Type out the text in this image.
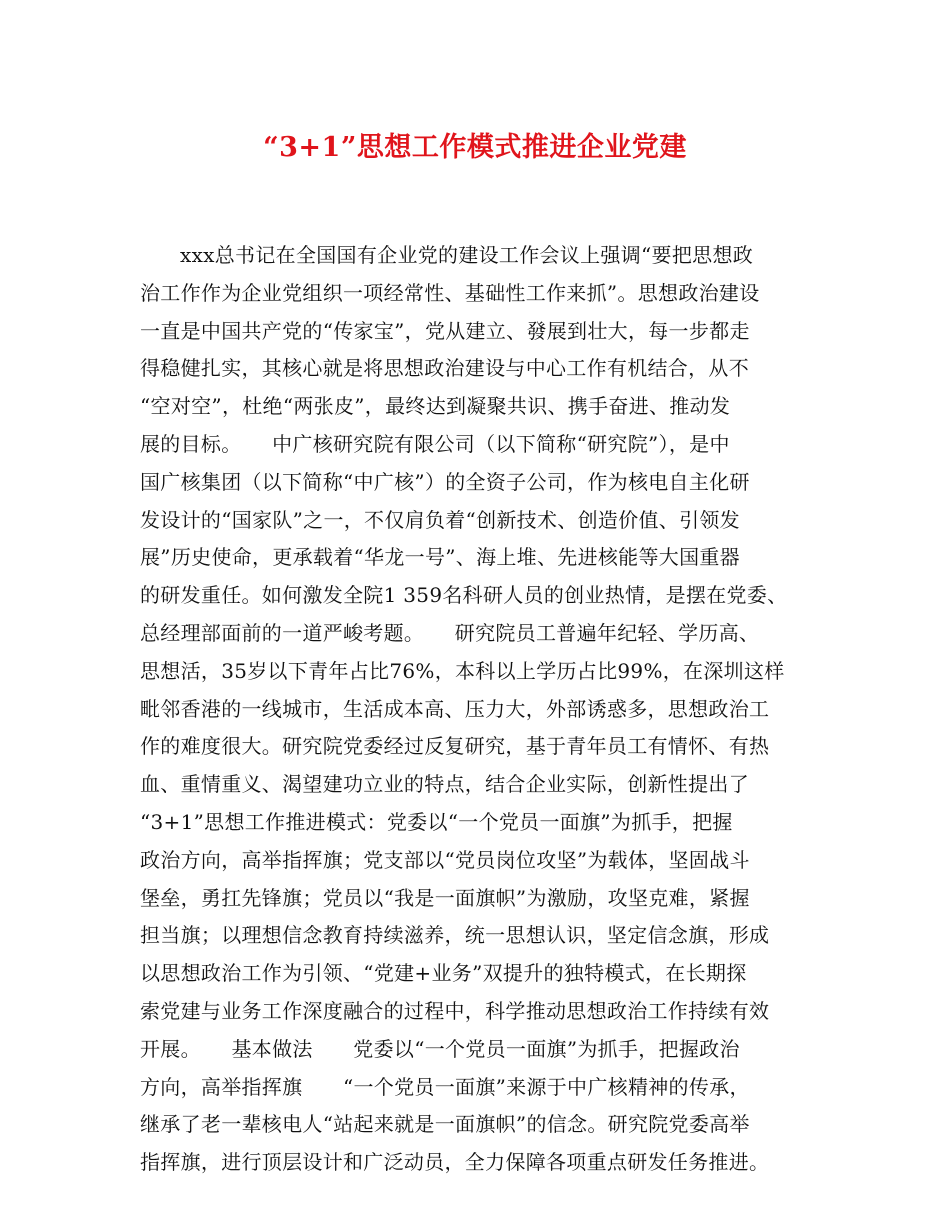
“3+1”思想工作模式推进企业党建
xxx总书记在全国国有企业党的建设工作会议上强调“要把思想政
治工作作为企业党组织一项经常性、基础性工作来抓”。思想政治建设
一直是中国共产党的“传家宝”，党从建立、發展到壮大，每一步都走
得稳健扎实，其核心就是将思想政治建设与中心工作有机结合，从不
“空对空”，杜绝“两张皮”，最终达到凝聚共识、携手奋进、推动发
展的目标。　　中广核研究院有限公司（以下简称“研究院”），是中
国广核集团（以下简称“中广核”）的全资子公司，作为核电自主化研
发设计的“国家队”之一，不仅肩负着“创新技术、创造价值、引领发
展”历史使命，更承载着“华龙一号”、海上堆、先进核能等大国重器
的研发重任。如何激发全院1 359名科研人员的创业热情，是摆在党委、
总经理部面前的一道严峻考题。　　研究院员工普遍年纪轻、学历高、
思想活，35岁以下青年占比76%，本科以上学历占比99%，在深圳这样
毗邻香港的一线城市，生活成本高、压力大，外部诱惑多，思想政治工
作的难度很大。研究院党委经过反复研究，基于青年员工有情怀、有热
血、重情重义、渴望建功立业的特点，结合企业实际，创新性提出了
“3+1”思想工作推进模式：党委以“一个党员一面旗”为抓手，把握
政治方向，高举指挥旗；党支部以“党员岗位攻坚”为载体，坚固战斗
堡垒，勇扛先锋旗；党员以“我是一面旗帜”为激励，攻坚克难，紧握
担当旗；以理想信念教育持续滋养，统一思想认识，坚定信念旗，形成
以思想政治工作为引领、“党建+业务”双提升的独特模式，在长期探
索党建与业务工作深度融合的过程中，科学推动思想政治工作持续有效
开展。　　基本做法　　党委以“一个党员一面旗”为抓手，把握政治
方向，高举指挥旗　　“一个党员一面旗”来源于中广核精神的传承，
继承了老一辈核电人“站起来就是一面旗帜”的信念。研究院党委高举
指挥旗，进行顶层设计和广泛动员，全力保障各项重点研发任务推进。
